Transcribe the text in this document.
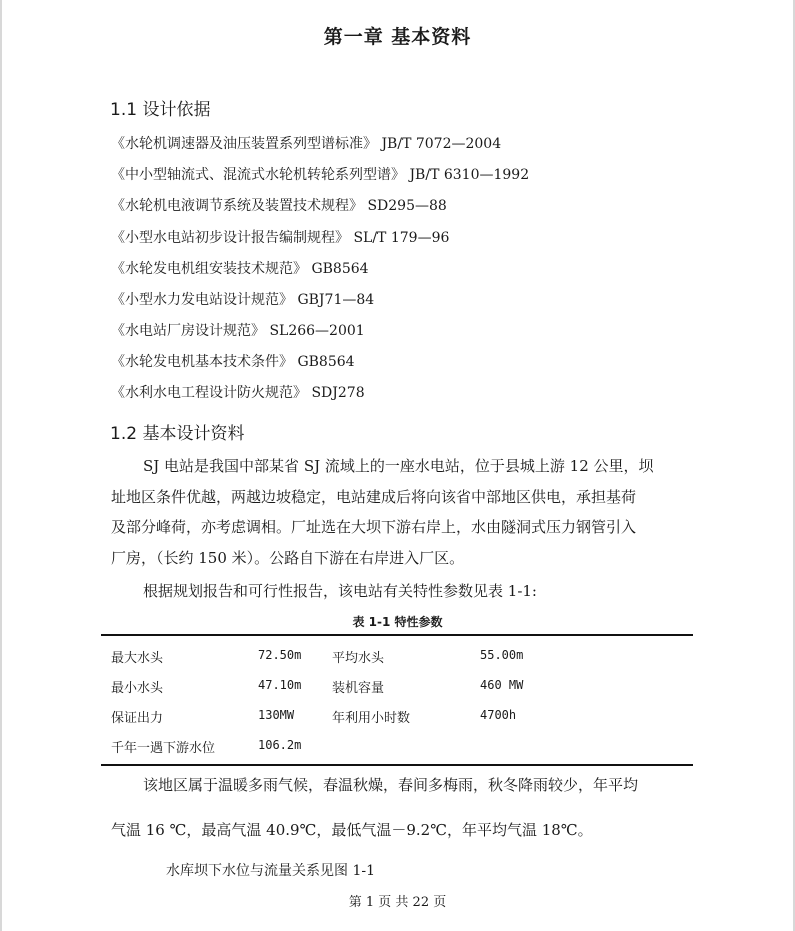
第一章 基本资料
1.1 设计依据
《水轮机调速器及油压装置系列型谱标准》 JB/T 7072—2004
《中小型轴流式、混流式水轮机转轮系列型谱》 JB/T 6310—1992
《水轮机电液调节系统及装置技术规程》 SD295—88
《小型水电站初步设计报告编制规程》 SL/T 179—96
《水轮发电机组安装技术规范》 GB8564
《小型水力发电站设计规范》 GBJ71—84
《水电站厂房设计规范》 SL266—2001
《水轮发电机基本技术条件》 GB8564
《水利水电工程设计防火规范》 SDJ278
1.2 基本设计资料
SJ 电站是我国中部某省 SJ 流域上的一座水电站，位于县城上游 12 公里，坝
址地区条件优越，两越边坡稳定，电站建成后将向该省中部地区供电，承担基荷
及部分峰荷，亦考虑调相。厂址选在大坝下游右岸上，水由隧洞式压力钢管引入
厂房，（长约 150 米）。公路自下游在右岸进入厂区。
根据规划报告和可行性报告，该电站有关特性参数见表 1-1:
表 1-1 特性参数
最大水头	72.50m 平均水头	55.00m
最小水头	47.10m 装机容量	460 MW
保证出力	130MW	年利用小时数	4700h
千年一遇下游水位	106.2m
该地区属于温暖多雨气候，春温秋燥，春间多梅雨，秋冬降雨较少，年平均
气温 16 ℃，最高气温 40.9℃，最低气温－9.2℃，年平均气温 18℃。
水库坝下水位与流量关系见图 1-1
第 1 页 共 22 页
